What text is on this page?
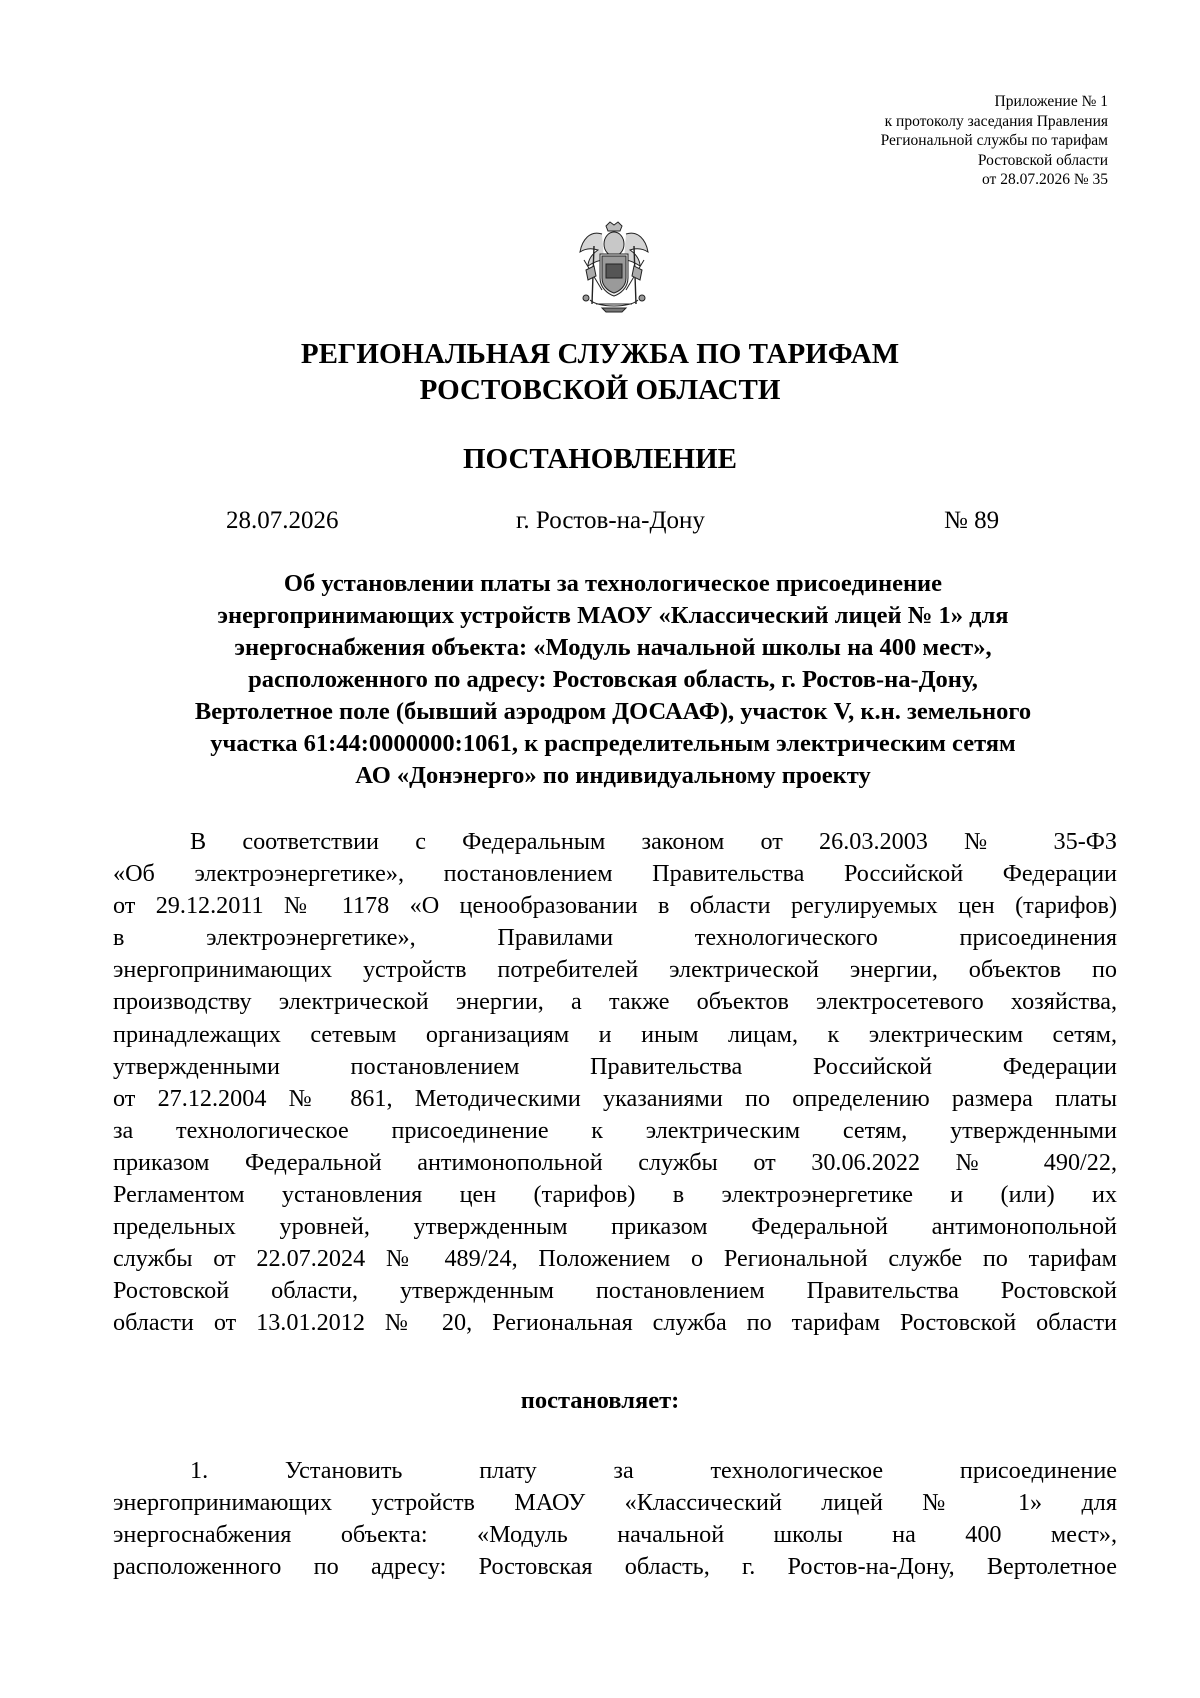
Приложение № 1
к протоколу заседания Правления
Региональной службы по тарифам
Ростовской области
от 28.07.2026 № 35
РЕГИОНАЛЬНАЯ СЛУЖБА ПО ТАРИФАМ
РОСТОВСКОЙ ОБЛАСТИ
ПОСТАНОВЛЕНИЕ
28.07.2026	г. Ростов-на-Дону	№ 89
Об установлении платы за технологическое присоединение
энергопринимающих устройств МАОУ «Классический лицей № 1» для
энергоснабжения объекта: «Модуль начальной школы на 400 мест»,
расположенного по адресу: Ростовская область, г. Ростов-на-Дону,
Вертолетное поле (бывший аэродром ДОСААФ), участок V, к.н. земельного
участка 61:44:0000000:1061, к распределительным электрическим сетям
АО «Донэнерго» по индивидуальному проекту
В соответствии с Федеральным законом от 26.03.2003 № 35-ФЗ
«Об электроэнергетике», постановлением Правительства Российской Федерации
от 29.12.2011 № 1178 «О ценообразовании в области регулируемых цен (тарифов)
в электроэнергетике», Правилами технологического присоединения
энергопринимающих устройств потребителей электрической энергии, объектов по
производству электрической энергии, а также объектов электросетевого хозяйства,
принадлежащих сетевым организациям и иным лицам, к электрическим сетям,
утвержденными постановлением Правительства Российской Федерации
от 27.12.2004 № 861, Методическими указаниями по определению размера платы
за технологическое присоединение к электрическим сетям, утвержденными
приказом Федеральной антимонопольной службы от 30.06.2022 № 490/22,
Регламентом установления цен (тарифов) в электроэнергетике и (или) их
предельных уровней, утвержденным приказом Федеральной антимонопольной
службы от 22.07.2024 № 489/24, Положением о Региональной службе по тарифам
Ростовской области, утвержденным постановлением Правительства Ростовской
области от 13.01.2012 № 20, Региональная служба по тарифам Ростовской области
постановляет:
1. Установить плату за технологическое присоединение
энергопринимающих устройств МАОУ «Классический лицей № 1» для
энергоснабжения объекта: «Модуль начальной школы на 400 мест»,
расположенного по адресу: Ростовская область, г. Ростов-на-Дону, Вертолетное
